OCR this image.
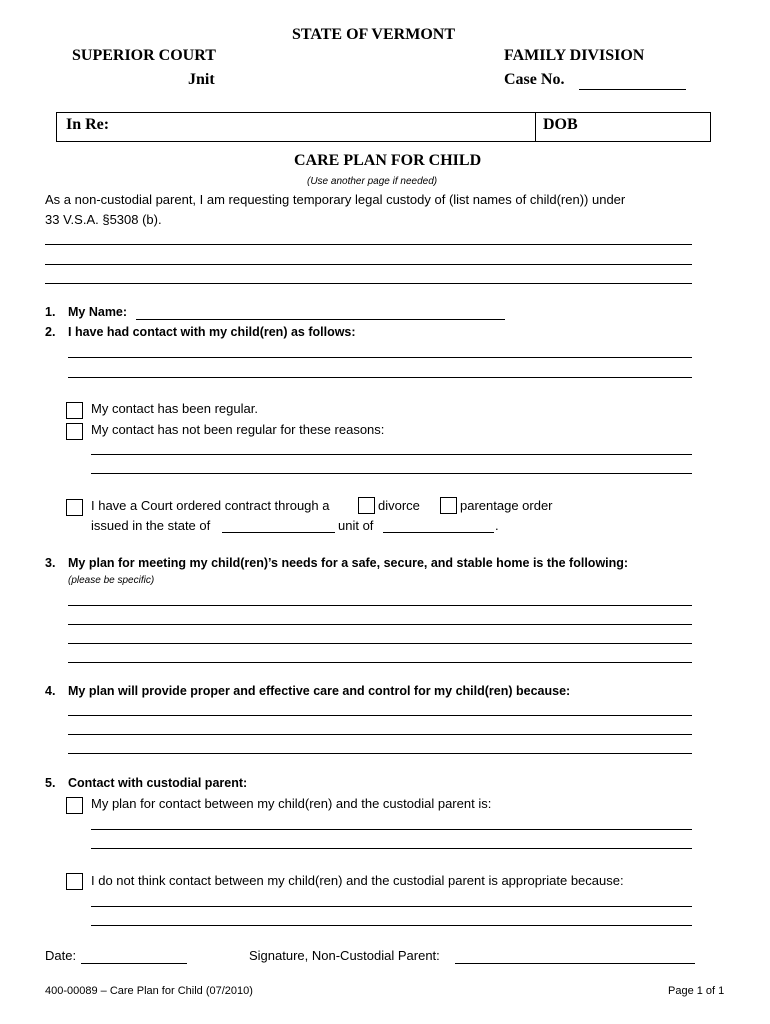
STATE OF VERMONT
SUPERIOR COURT
Jnit
FAMILY DIVISION
Case No.
In Re:	DOB
CARE PLAN FOR CHILD
(Use another page if needed)
As a non-custodial parent, I am requesting temporary legal custody of (list names of child(ren)) under
33 V.S.A. §5308 (b).
1. My Name:
2. I have had contact with my child(ren) as follows:
My contact has been regular.
My contact has not been regular for these reasons:
I have a Court ordered contract through a	divorce	parentage order
issued in the state of	unit of	.
3. My plan for meeting my child(ren)’s needs for a safe, secure, and stable home is the following:
(please be specific)
4. My plan will provide proper and effective care and control for my child(ren) because:
5. Contact with custodial parent:
My plan for contact between my child(ren) and the custodial parent is:
I do not think contact between my child(ren) and the custodial parent is appropriate because:
Date:	Signature, Non-Custodial Parent:
400-00089 – Care Plan for Child (07/2010)	Page 1 of 1
